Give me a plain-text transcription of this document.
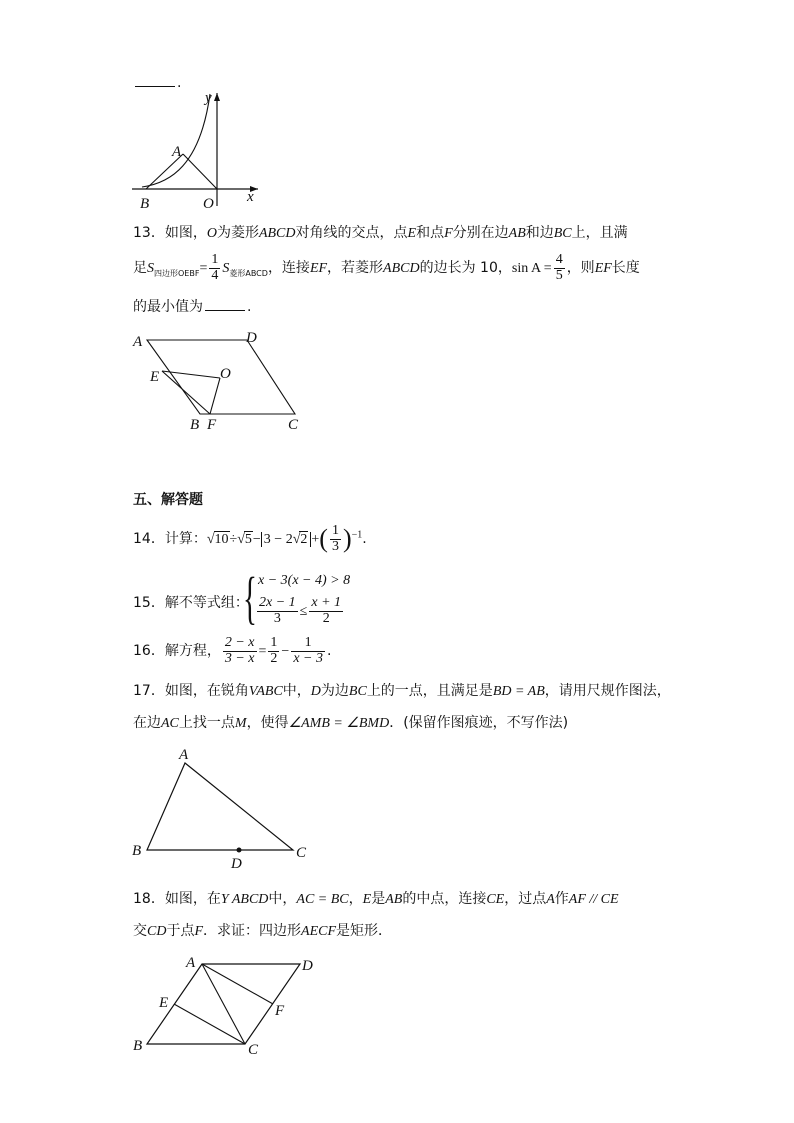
.
y
x
A
B	O
13．如图，O为菱形ABCD对角线的交点，点E和点F分别在边AB和边BC上，且满
足$S_{四边形OEBF}= \frac{1}{4} S_{菱形ABCD}$，连接EF，若菱形ABCD的边长为 10，$\sin A = \frac{4}{5}$ ，则EF长度
的最小值为	.
A	D
E	O
B F	C
五、解答题
14．计算：√10÷√5− 3 − 2√2 +( $\frac{1}{3} )^{-1}$.
15．解不等式组：
{ x − 3(x − 4) > 8
$\frac{2x - 1}{3} \le \frac{x + 1}{2}$
16．解方程， $\frac{2 - x}{3 - x} = \frac{1}{2} - \frac{1}{x - 3}$ .
17．如图，在锐角VABC中，D为边BC上的一点，且满足是BD = AB，请用尺规作图法，
在边AC上找一点M，使得∠AMB = ∠BMD．(保留作图痕迹，不写作法)
A
B
D
C
18．如图，在Y ABCD中，AC = BC，E是AB的中点，连接CE，过点A作AF // CE
交CD于点F．求证：四边形AECF是矩形．
A	D
E	F
B	C
